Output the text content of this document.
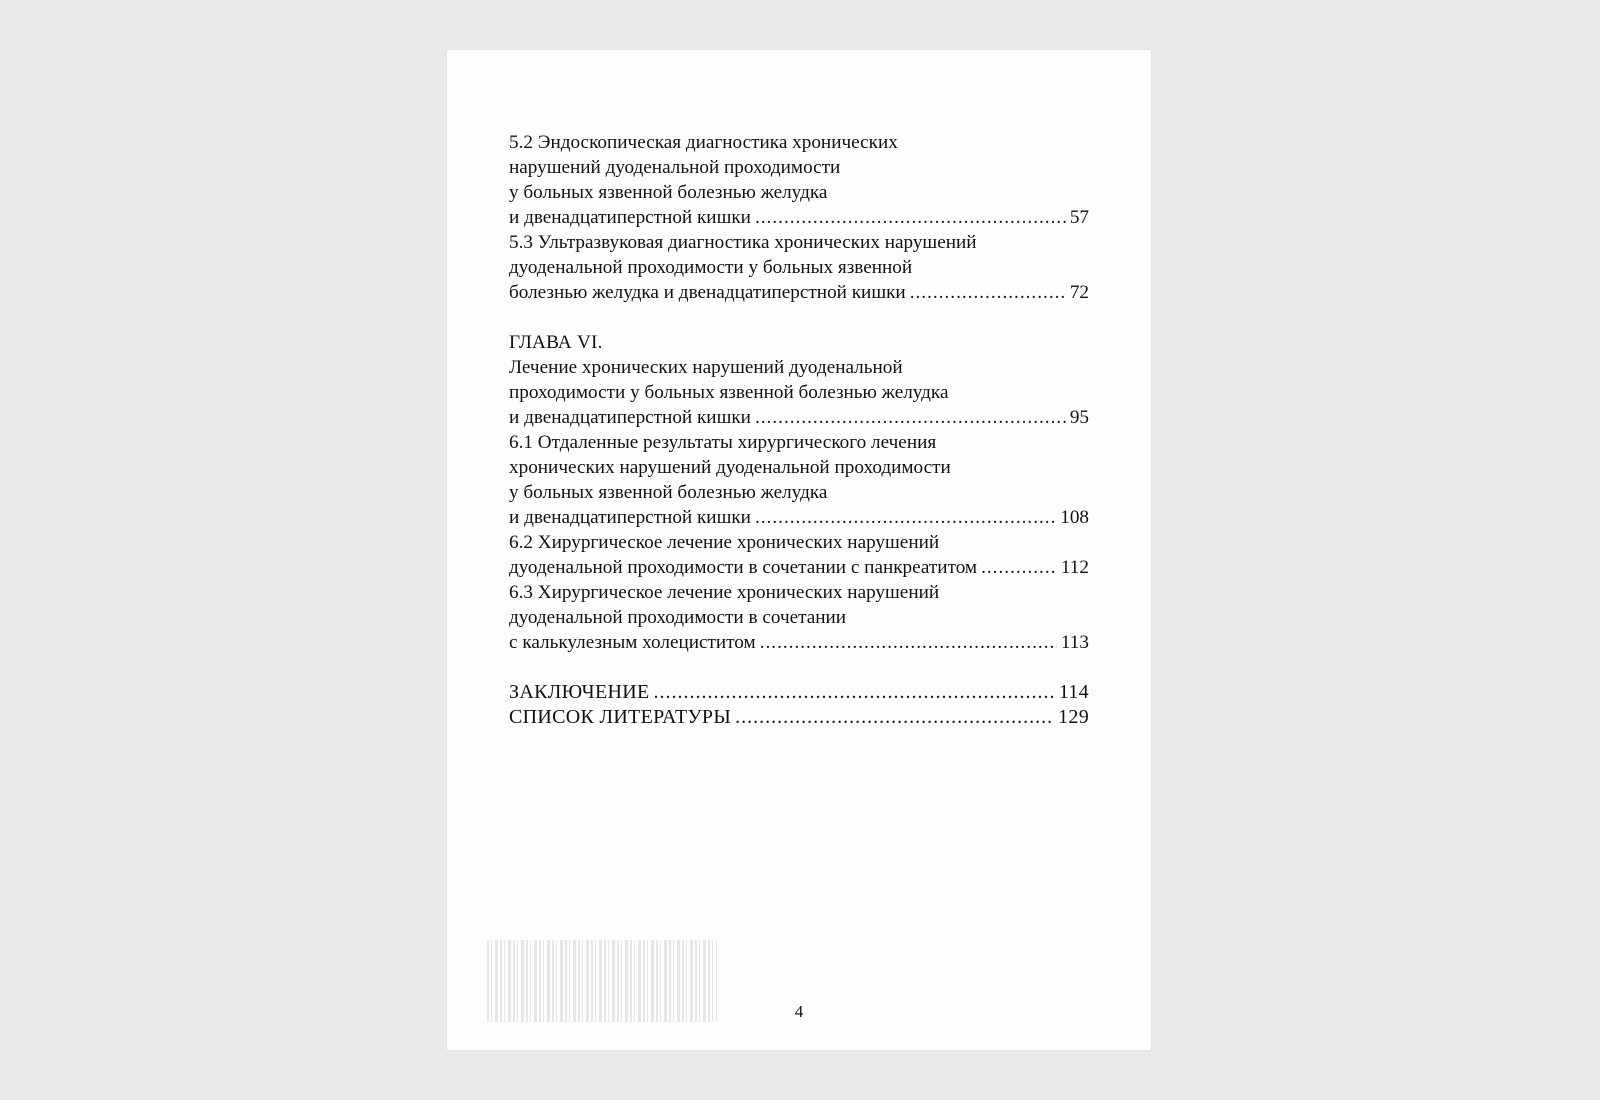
5.2 Эндоскопическая диагностика хронических
нарушений дуоденальной проходимости
у больных язвенной болезнью желудка
и двенадцатиперстной кишки .....	57
5.3 Ультразвуковая диагностика хронических нарушений
дуоденальной проходимости у больных язвенной
болезнью желудка и двенадцатиперстной кишки .....	72
ГЛАВА VI.
Лечение хронических нарушений дуоденальной
проходимости у больных язвенной болезнью желудка
и двенадцатиперстной кишки .....	95
6.1 Отдаленные результаты хирургического лечения
хронических нарушений дуоденальной проходимости
у больных язвенной болезнью желудка
и двенадцатиперстной кишки .....	108
6.2 Хирургическое лечение хронических нарушений
дуоденальной проходимости в сочетании с панкреатитом .....	112
6.3 Хирургическое лечение хронических нарушений
дуоденальной проходимости в сочетании
с калькулезным холециститом .....	113
ЗАКЛЮЧЕНИЕ .....	114
СПИСОК ЛИТЕРАТУРЫ .....	129
4
